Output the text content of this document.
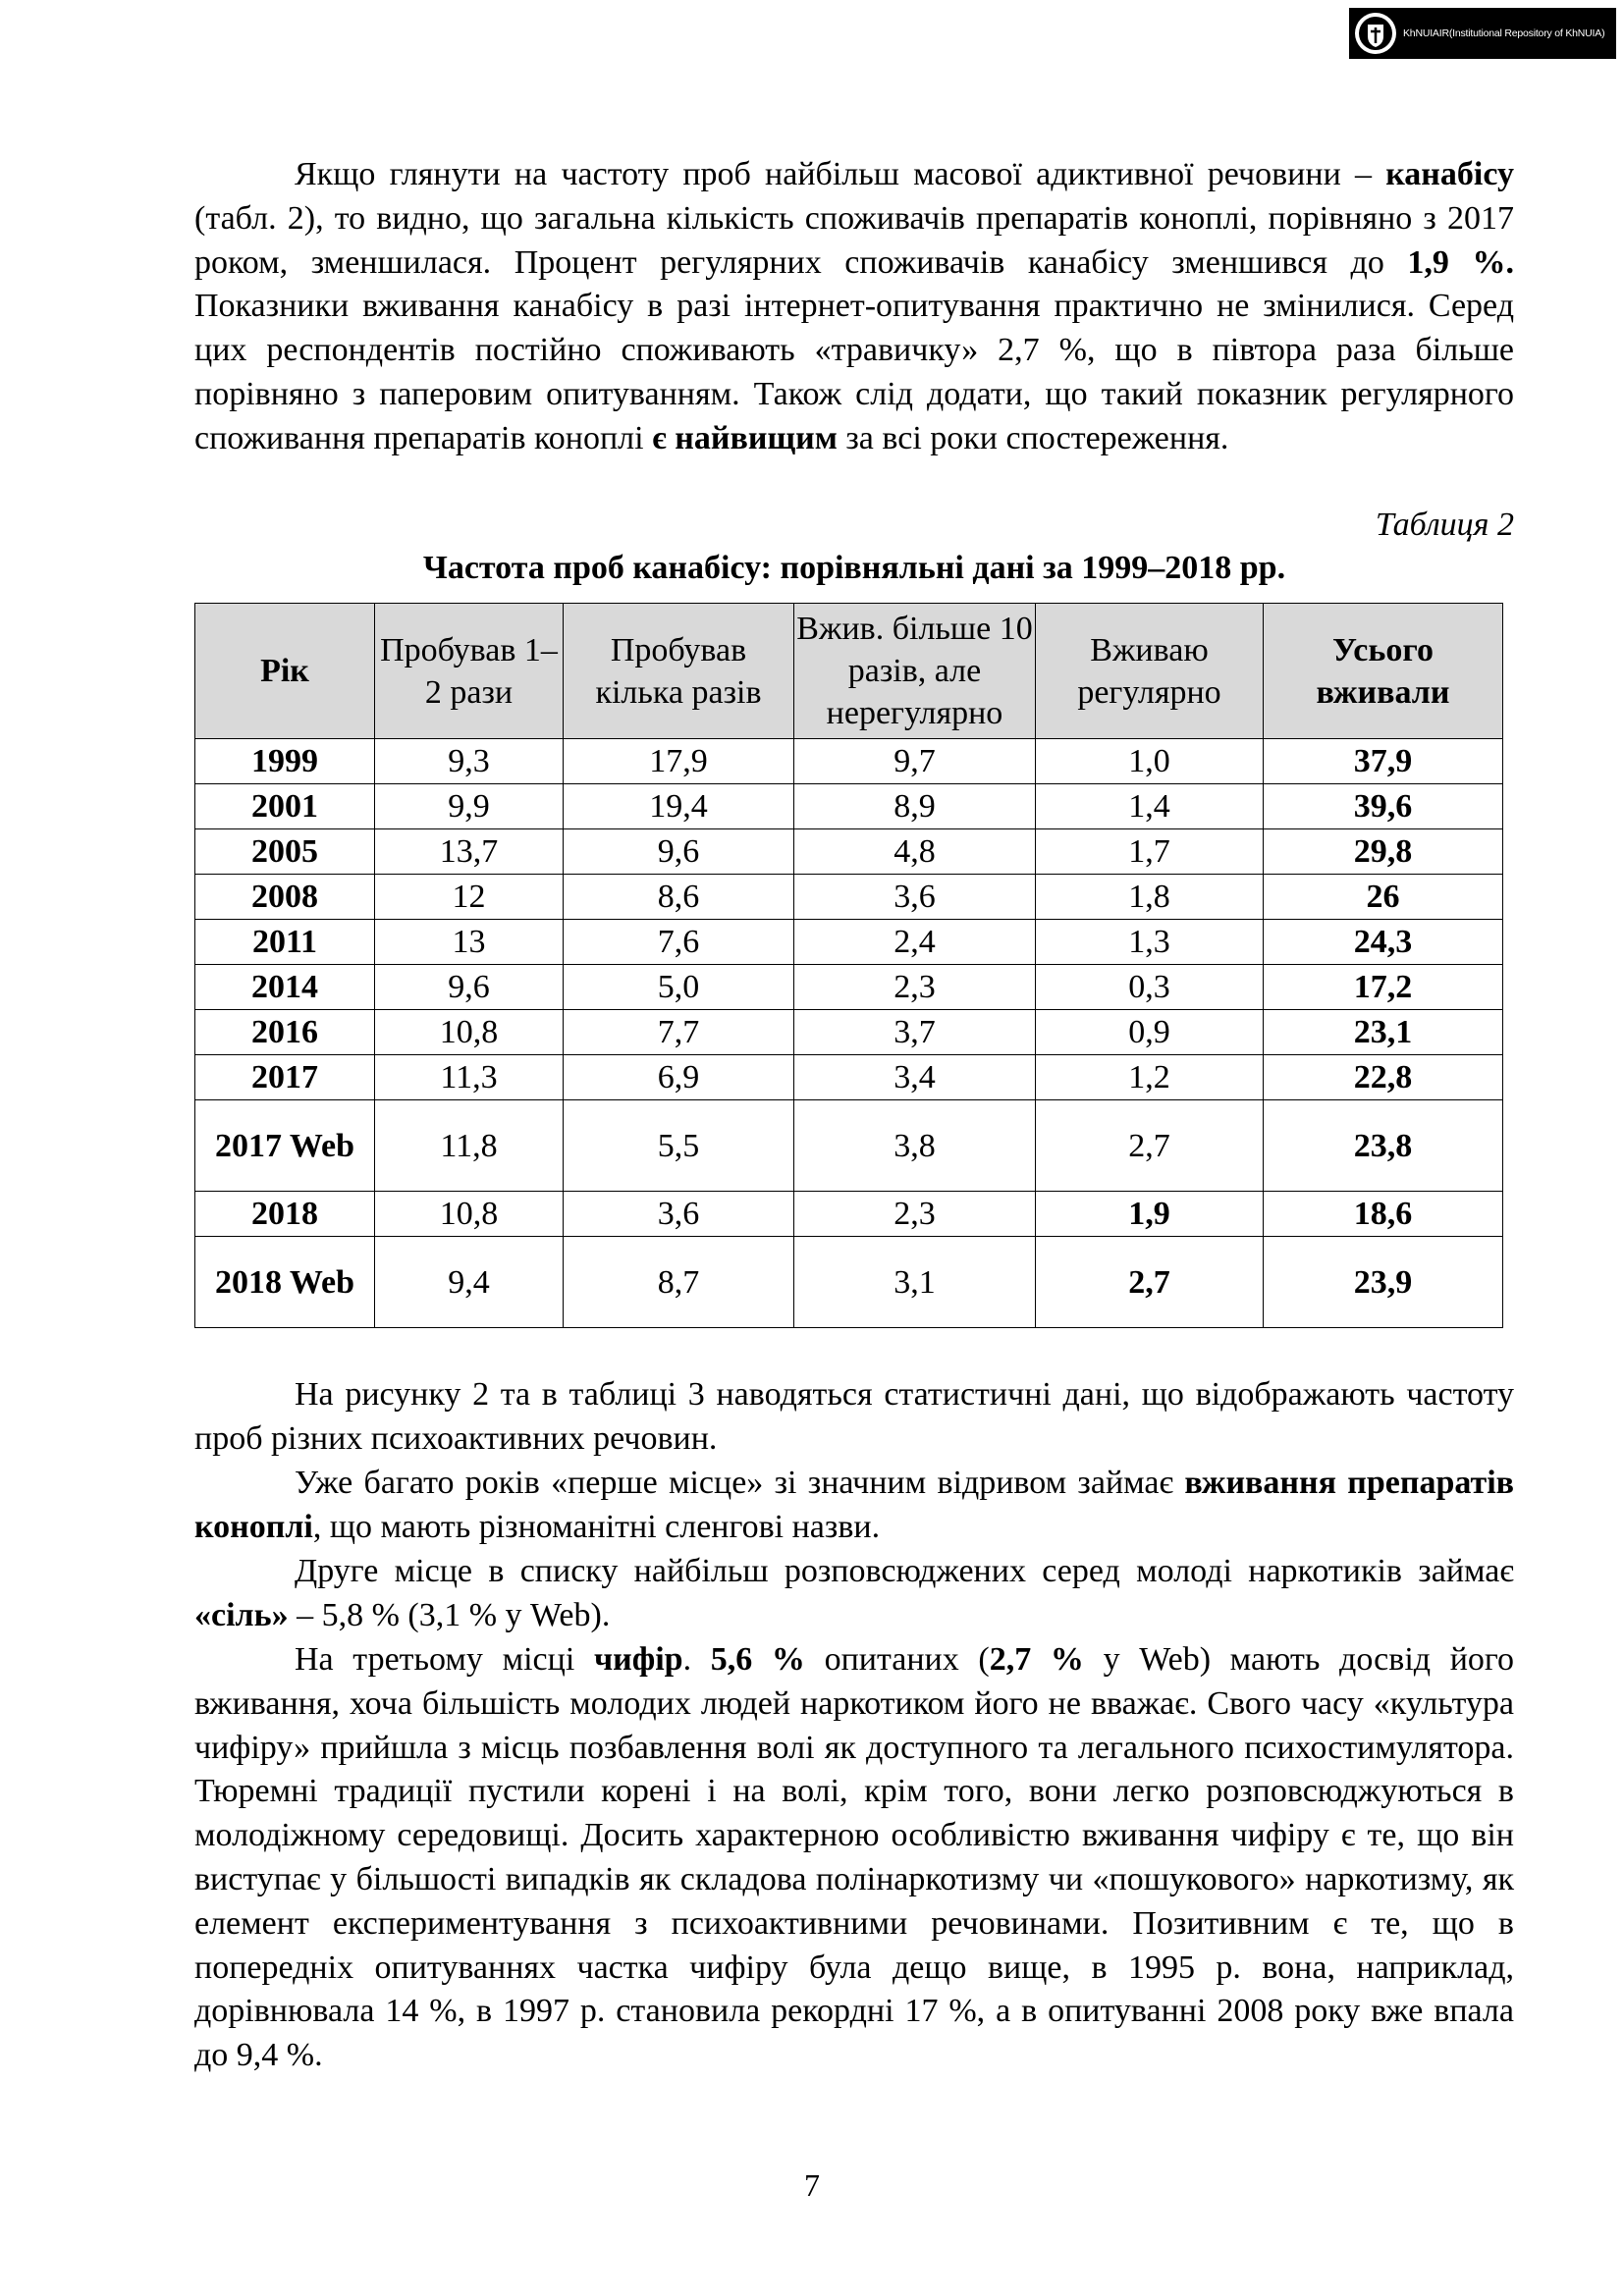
KhNUIAIR(Institutional Repository of KhNUIA)

Якщо глянути на частоту проб найбільш масової адиктивної речовини – канабісу (табл. 2), то видно, що загальна кількість споживачів препаратів коноплі, порівняно з 2017 роком, зменшилася. Процент регулярних споживачів канабісу зменшився до 1,9 %. Показники вживання канабісу в разі інтернет-опитування практично не змінилися. Серед цих респондентів постійно споживають «травичку» 2,7 %, що в півтора раза більше порівняно з паперовим опитуванням. Також слід додати, що такий показник регулярного споживання препаратів коноплі є найвищим за всі роки спостереження.

Таблиця 2
Частота проб канабісу: порівняльні дані за 1999–2018 рр.
Рік	Пробував 1–2 рази	Пробував кілька разів	Вжив. більше 10 разів, але нерегулярно	Вживаю регулярно	Усього вживали
1999	9,3	17,9	9,7	1,0	37,9
2001	9,9	19,4	8,9	1,4	39,6
2005	13,7	9,6	4,8	1,7	29,8
2008	12	8,6	3,6	1,8	26
2011	13	7,6	2,4	1,3	24,3
2014	9,6	5,0	2,3	0,3	17,2
2016	10,8	7,7	3,7	0,9	23,1
2017	11,3	6,9	3,4	1,2	22,8
2017 Web	11,8	5,5	3,8	2,7	23,8
2018	10,8	3,6	2,3	1,9	18,6
2018 Web	9,4	8,7	3,1	2,7	23,9

На рисунку 2 та в таблиці 3 наводяться статистичні дані, що відображають частоту проб різних психоактивних речовин.

Уже багато років «перше місце» зі значним відривом займає вживання препаратів коноплі, що мають різноманітні сленгові назви.

Друге місце в списку найбільш розповсюджених серед молоді наркотиків займає «сіль» – 5,8 % (3,1 % у Web).

На третьому місці чифір. 5,6 % опитаних (2,7 % у Web) мають досвід його вживання, хоча більшість молодих людей наркотиком його не вважає. Свого часу «культура чифіру» прийшла з місць позбавлення волі як доступного та легального психостимулятора. Тюремні традиції пустили корені і на волі, крім того, вони легко розповсюджуються в молодіжному середовищі. Досить характерною особливістю вживання чифіру є те, що він виступає у більшості випадків як складова полінаркотизму чи «пошукового» наркотизму, як елемент експериментування з психоактивними речовинами. Позитивним є те, що в попередніх опитуваннях частка чифіру була дещо вище, в 1995 р. вона, наприклад, дорівнювала 14 %, в 1997 р. становила рекордні 17 %, а в опитуванні 2008 року вже впала до 9,4 %.

7
